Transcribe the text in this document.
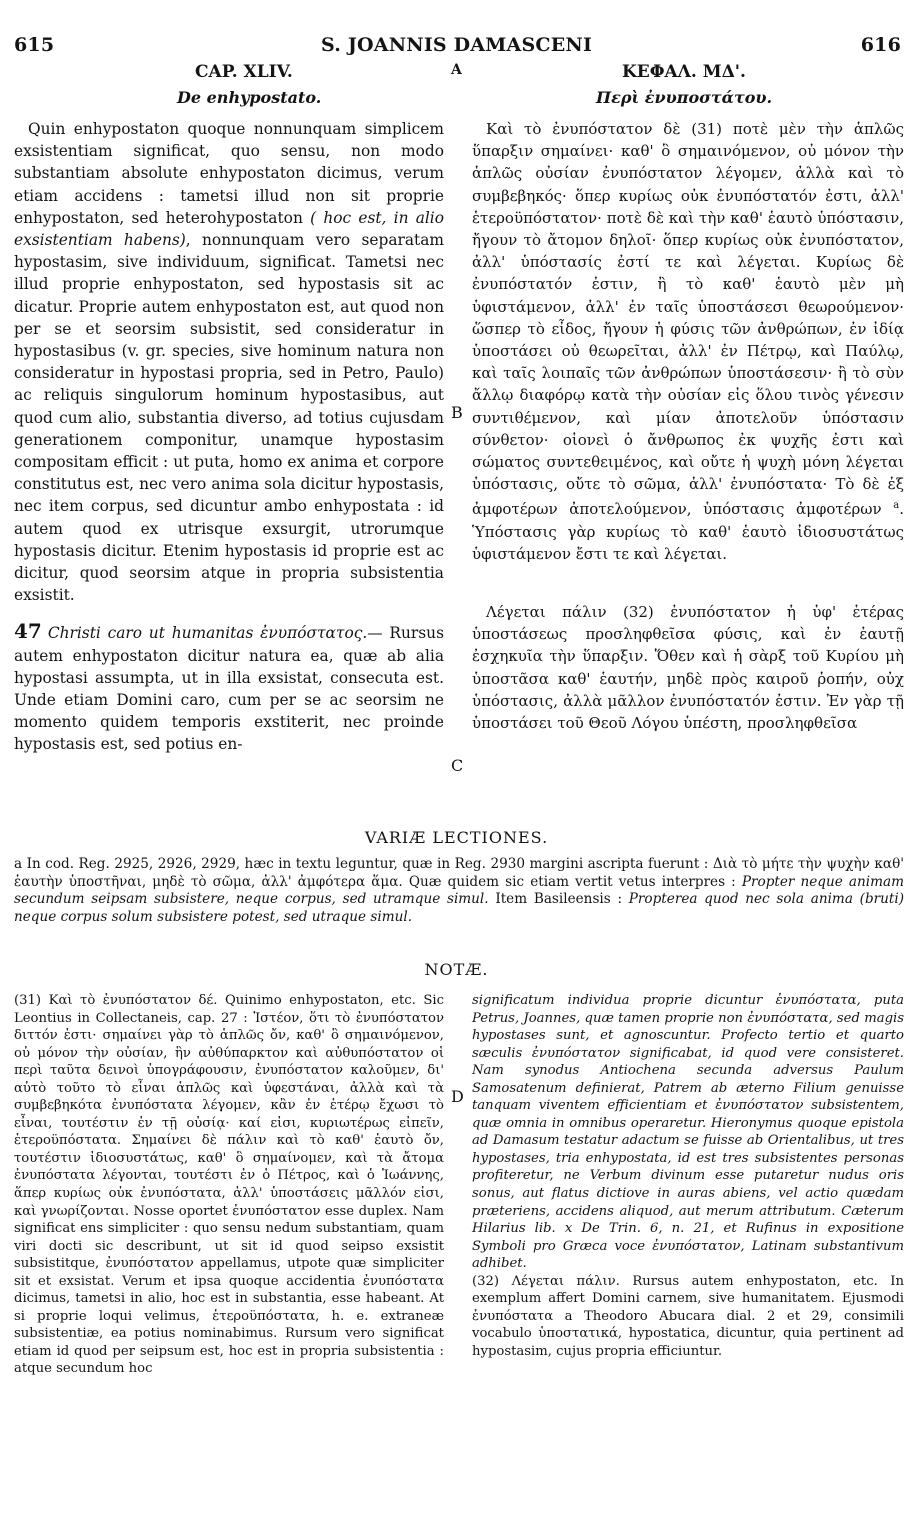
615	S. JOANNIS DAMASCENI	616
CAP. XLIV.	A	ΚΕΦΑΛ. ΜΔ'.
De enhypostato.	Περὶ ἐνυποστάτου.

Quin enhypostaton quoque nonnunquam simplicem exsistentiam significat, quo sensu, non modo substantiam absolute enhypostaton dicimus, verum etiam accidens : tametsi illud non sit proprie enhypostaton, sed heterohypostaton ( hoc est, in alio exsistentiam habens), nonnunquam vero separatam hypostasim, sive individuum, significat. Tametsi nec illud proprie enhypostaton, sed hypostasis sit ac dicatur. Proprie autem enhypostaton est, aut quod non per se et seorsim subsistit, sed consideratur in hypostasibus (v. gr. species, sive hominum natura non consideratur in hypostasi propria, sed in Petro, Paulo) ac reliquis singulorum hominum hypostasibus, aut quod cum alio, substantia diverso, ad totius cujusdam generationem componitur, unamque hypostasim compositam efficit : ut puta, homo ex anima et corpore constitutus est, nec vero anima sola dicitur hypostasis, nec item corpus, sed dicuntur ambo enhypostata : id autem quod ex utrisque exsurgit, utrorumque hypostasis dicitur. Etenim hypostasis id proprie est ac dicitur, quod seorsim atque in propria subsistentia exsistit.

47 Christi caro ut humanitas ἐνυπόστατος.— Rursus autem enhypostaton dicitur natura ea, quæ ab alia hypostasi assumpta, ut in illa exsistat, consecuta est. Unde etiam Domini caro, cum per se ac seorsim ne momento quidem temporis exstiterit, nec proinde hypostasis est, sed potius en-

Καὶ τὸ ἐνυπόστατον δὲ (31) ποτὲ μὲν τὴν ἁπλῶς ὕπαρξιν σημαίνει· καθ' ὃ σημαινόμενον, οὐ μόνον τὴν ἁπλῶς οὐσίαν ἐνυπόστατον λέγομεν, ἀλλὰ καὶ τὸ συμβεβηκός· ὅπερ κυρίως οὐκ ἐνυπόστατόν ἐστι, ἀλλ' ἑτεροϋπόστατον· ποτὲ δὲ καὶ τὴν καθ' ἑαυτὸ ὑπόστασιν, ἤγουν τὸ ἄτομον δηλοῖ· ὅπερ κυρίως οὐκ ἐνυπόστατον, ἀλλ' ὑπόστασίς ἐστί τε καὶ λέγεται. Κυρίως δὲ ἐνυπόστατόν ἐστιν, ἢ τὸ καθ' ἑαυτὸ μὲν μὴ ὑφιστάμενον, ἀλλ' ἐν ταῖς ὑποστάσεσι θεωρούμενον· ὥσπερ τὸ εἶδος, ἤγουν ἡ φύσις τῶν ἀνθρώπων, ἐν ἰδίᾳ ὑποστάσει οὐ θεωρεῖται, ἀλλ' ἐν Πέτρῳ, καὶ Παύλῳ, καὶ ταῖς λοιπαῖς τῶν ἀνθρώπων ὑποστάσεσιν· ἢ τὸ σὺν ἄλλῳ διαφόρῳ κατὰ τὴν οὐσίαν εἰς ὅλου τινὸς γένεσιν συντιθέμενον, καὶ μίαν ἀποτελοῦν ὑπόστασιν σύνθετον· οἱονεὶ ὁ ἄνθρωπος ἐκ ψυχῆς ἐστι καὶ σώματος συντεθειμένος, καὶ οὔτε ἡ ψυχὴ μόνη λέγεται ὑπόστασις, οὔτε τὸ σῶμα, ἀλλ' ἐνυπόστατα· Τὸ δὲ ἐξ ἀμφοτέρων ἀποτελούμενον, ὑπόστασις ἀμφοτέρων $^a$. Ὑπόστασις γὰρ κυρίως τὸ καθ' ἑαυτὸ ἰδιοσυστάτως ὑφιστάμενον ἔστι τε καὶ λέγεται.

Λέγεται πάλιν (32) ἐνυπόστατον ἡ ὑφ' ἑτέρας ὑποστάσεως προσληφθεῖσα φύσις, καὶ ἐν ἑαυτῇ ἐσχηκυῖα τὴν ὕπαρξιν. Ὅθεν καὶ ἡ σὰρξ τοῦ Κυρίου μὴ ὑποστᾶσα καθ' ἑαυτήν, μηδὲ πρὸς καιροῦ ῥοπήν, οὐχ ὑπόστασις, ἀλλὰ μᾶλλον ἐνυπόστατόν ἐστιν. Ἐν γὰρ τῇ ὑποστάσει τοῦ Θεοῦ Λόγου ὑπέστη, προσληφθεῖσα

B
C
D
VARIÆ LECTIONES.
a In cod. Reg. 2925, 2926, 2929, hæc in textu leguntur, quæ in Reg. 2930 margini ascripta fuerunt : Διὰ τὸ μήτε τὴν ψυχὴν καθ' ἑαυτὴν ὑποστῆναι, μηδὲ τὸ σῶμα, ἀλλ' ἀμφότερα ἅμα. Quæ quidem sic etiam vertit vetus interpres : Propter neque animam secundum seipsam subsistere, neque corpus, sed utramque simul. Item Basileensis : Propterea quod nec sola anima (bruti) neque corpus solum subsistere potest, sed utraque simul.
NOTÆ.
(31) Καὶ τὸ ἐνυπόστατον δέ. Quinimo enhypostaton, etc. Sic Leontius in Collectaneis, cap. 27 : Ἰστέον, ὅτι τὸ ἐνυπόστατον διττόν ἐστι· σημαίνει γὰρ τὸ ἁπλῶς ὄν, καθ' ὃ σημαινόμενον, οὐ μόνον τὴν οὐσίαν, ἣν αὐθύπαρκτον καὶ αὐθυπόστατον οἱ περὶ ταῦτα δεινοὶ ὑπογράφουσιν, ἐνυπόστατον καλοῦμεν, δι' αὐτὸ τοῦτο τὸ εἶναι ἁπλῶς καὶ ὑφεστάναι, ἀλλὰ καὶ τὰ συμβεβηκότα ἐνυπόστατα λέγομεν, κἂν ἐν ἑτέρῳ ἔχωσι τὸ εἶναι, τουτέστιν ἐν τῇ οὐσίᾳ· καί εἰσι, κυριωτέρως εἰπεῖν, ἑτεροϋπόστατα. Σημαίνει δὲ πάλιν καὶ τὸ καθ' ἑαυτὸ ὄν, τουτέστιν ἰδιοσυστάτως, καθ' ὃ σημαίνομεν, καὶ τὰ ἄτομα ἐνυπόστατα λέγονται, τουτέστι ἐν ὁ Πέτρος, καὶ ὁ Ἰωάννης, ἅπερ κυρίως οὐκ ἐνυπόστατα, ἀλλ' ὑποστάσεις μᾶλλόν εἰσι, καὶ γνωρίζονται. Nosse oportet ἐνυπόστατον esse duplex. Nam significat ens simpliciter : quo sensu nedum substantiam, quam viri docti sic describunt, ut sit id quod seipso exsistit subsistitque, ἐνυπόστατον appellamus, utpote quæ simpliciter sit et exsistat. Verum et ipsa quoque accidentia ἐνυπόστατα dicimus, tametsi in alio, hoc est in substantia, esse habeant. At si proprie loqui velimus, ἑτεροϋπόστατα, h. e. extraneæ subsistentiæ, ea potius nominabimus. Rursum vero significat etiam id quod per seipsum est, hoc est in propria subsistentia : atque secundum hoc

significatum individua proprie dicuntur ἐνυπόστατα, puta Petrus, Joannes, quæ tamen proprie non ἐνυπόστατα, sed magis hypostases sunt, et agnoscuntur. Profecto tertio et quarto sæculis ἐνυπόστατον significabat, id quod vere consisteret. Nam synodus Antiochena secunda adversus Paulum Samosatenum definierat, Patrem ab æterno Filium genuisse tanquam viventem efficientiam et ἐνυπόστατον subsistentem, quæ omnia in omnibus operaretur. Hieronymus quoque epistola ad Damasum testatur adactum se fuisse ab Orientalibus, ut tres hypostases, tria enhypostata, id est tres subsistentes personas profiteretur, ne Verbum divinum esse putaretur nudus oris sonus, aut flatus dictiove in auras abiens, vel actio quædam præteriens, accidens aliquod, aut merum attributum. Cæterum Hilarius lib. x De Trin. 6, n. 21, et Rufinus in expositione Symboli pro Græca voce ἐνυπόστατον, Latinam substantivum adhibet.

(32) Λέγεται πάλιν. Rursus autem enhypostaton, etc. In exemplum affert Domini carnem, sive humanitatem. Ejusmodi ἐνυπόστατα a Theodoro Abucara dial. 2 et 29, consimili vocabulo ὑποστατικά, hypostatica, dicuntur, quia pertinent ad hypostasim, cujus propria efficiuntur.
